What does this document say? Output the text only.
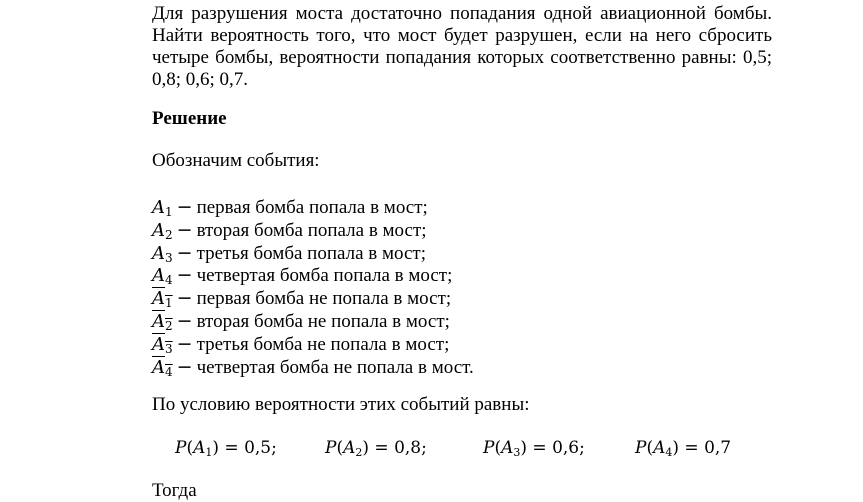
Для разрушения моста достаточно попадания одной авиационной бомбы. Найти вероятность того, что мост будет разрушен, если на него сбросить четыре бомбы, вероятности попадания которых соответственно равны: 0,5; 0,8; 0,6; 0,7.

Решение

Обозначим события:

$A_1$ − первая бомба попала в мост;
$A_2$ − вторая бомба попала в мост;
$A_3$ − третья бомба попала в мост;
$A_4$ − четвертая бомба попала в мост;
$A_1$ − первая бомба не попала в мост;
$A_2$ − вторая бомба не попала в мост;
$A_3$ − третья бомба не попала в мост;
$A_4$ − четвертая бомба не попала в мост.

По условию вероятности этих событий равны:

$P(A_1) = 0,5$;	$P(A_2) = 0,8$;	$P(A_3) = 0,6$;	$P(A_4) = 0,7$

Тогда
